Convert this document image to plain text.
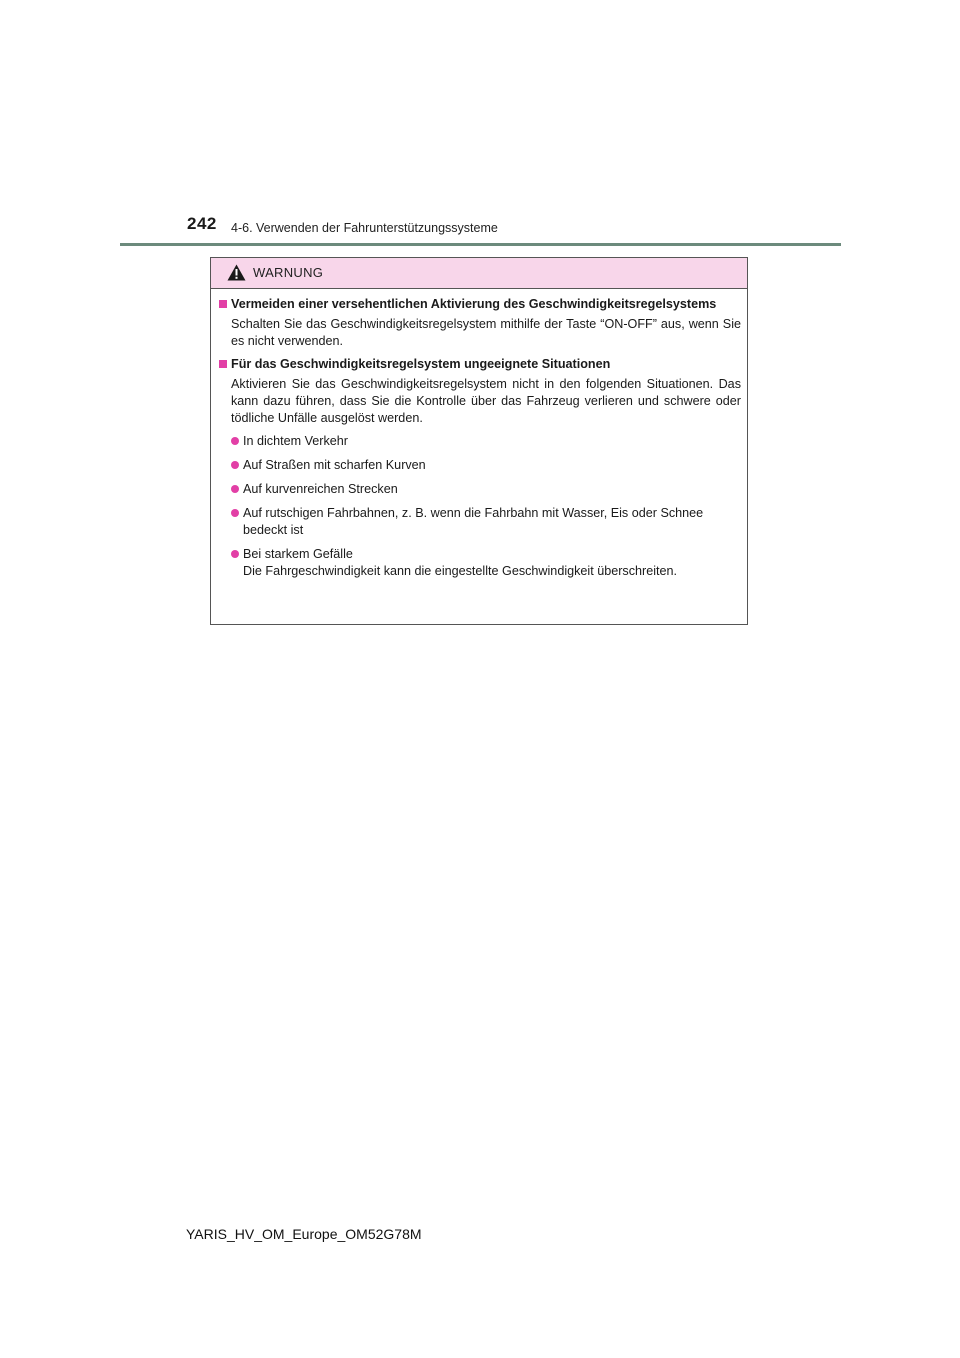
242 4-6. Verwenden der Fahrunterstützungssysteme
WARNUNG
Vermeiden einer versehentlichen Aktivierung des Geschwindigkeitsregelsystems
Schalten Sie das Geschwindigkeitsregelsystem mithilfe der Taste “ON-OFF” aus, wenn Sie es nicht verwenden.
Für das Geschwindigkeitsregelsystem ungeeignete Situationen
Aktivieren Sie das Geschwindigkeitsregelsystem nicht in den folgenden Situationen. Das kann dazu führen, dass Sie die Kontrolle über das Fahrzeug verlieren und schwere oder tödliche Unfälle ausgelöst werden.
In dichtem Verkehr
Auf Straßen mit scharfen Kurven
Auf kurvenreichen Strecken
Auf rutschigen Fahrbahnen, z. B. wenn die Fahrbahn mit Wasser, Eis oder Schnee bedeckt ist
Bei starkem Gefälle
Die Fahrgeschwindigkeit kann die eingestellte Geschwindigkeit überschreiten.
YARIS_HV_OM_Europe_OM52G78M
